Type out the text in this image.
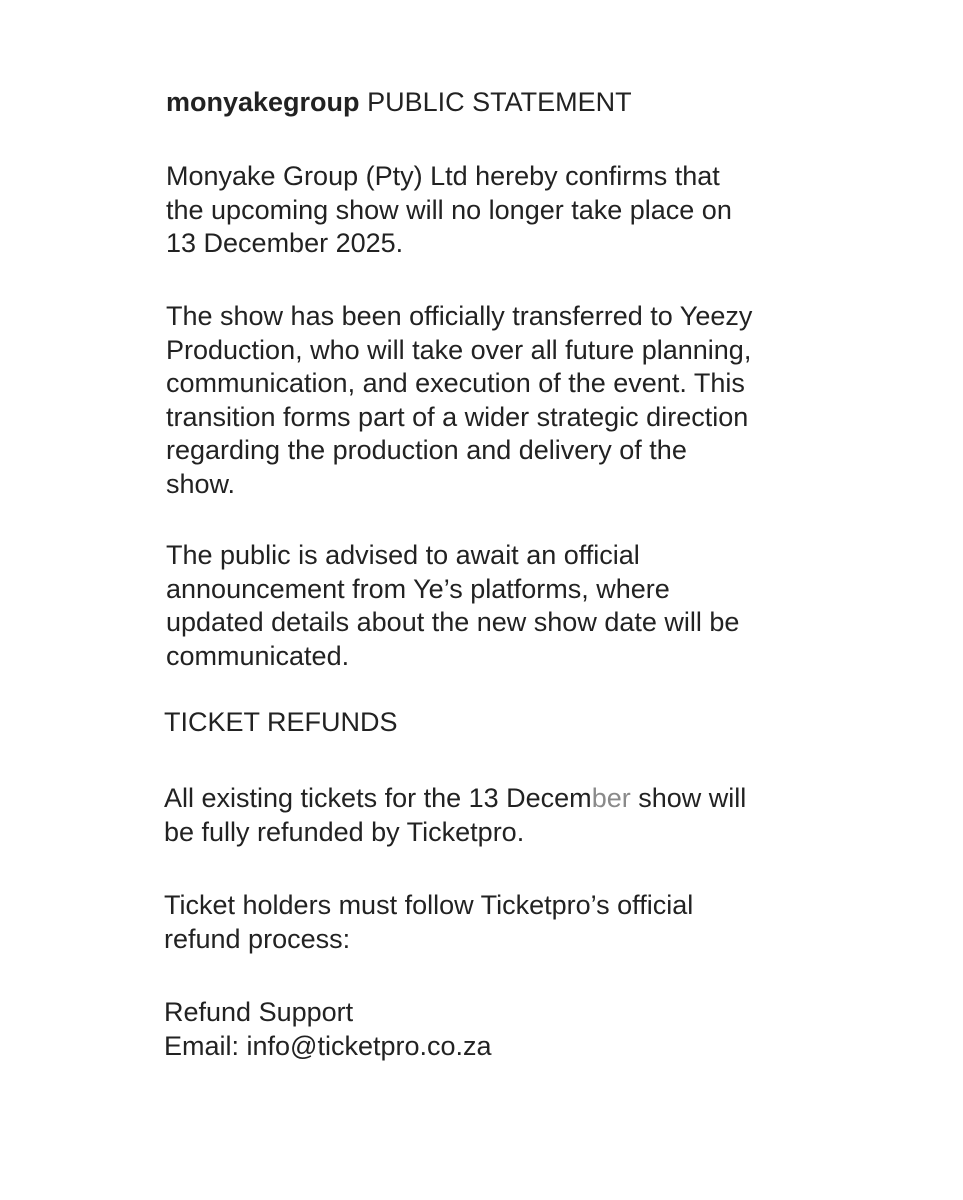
monyakegroup PUBLIC STATEMENT

Monyake Group (Pty) Ltd hereby confirms that
the upcoming show will no longer take place on
13 December 2025.

The show has been officially transferred to Yeezy
Production, who will take over all future planning,
communication, and execution of the event. This
transition forms part of a wider strategic direction
regarding the production and delivery of the
show.

The public is advised to await an official
announcement from Ye’s platforms, where
updated details about the new show date will be
communicated.

TICKET REFUNDS

All existing tickets for the 13 December show will
be fully refunded by Ticketpro.

Ticket holders must follow Ticketpro’s official
refund process:

Refund Support
Email: info@ticketpro.co.za
